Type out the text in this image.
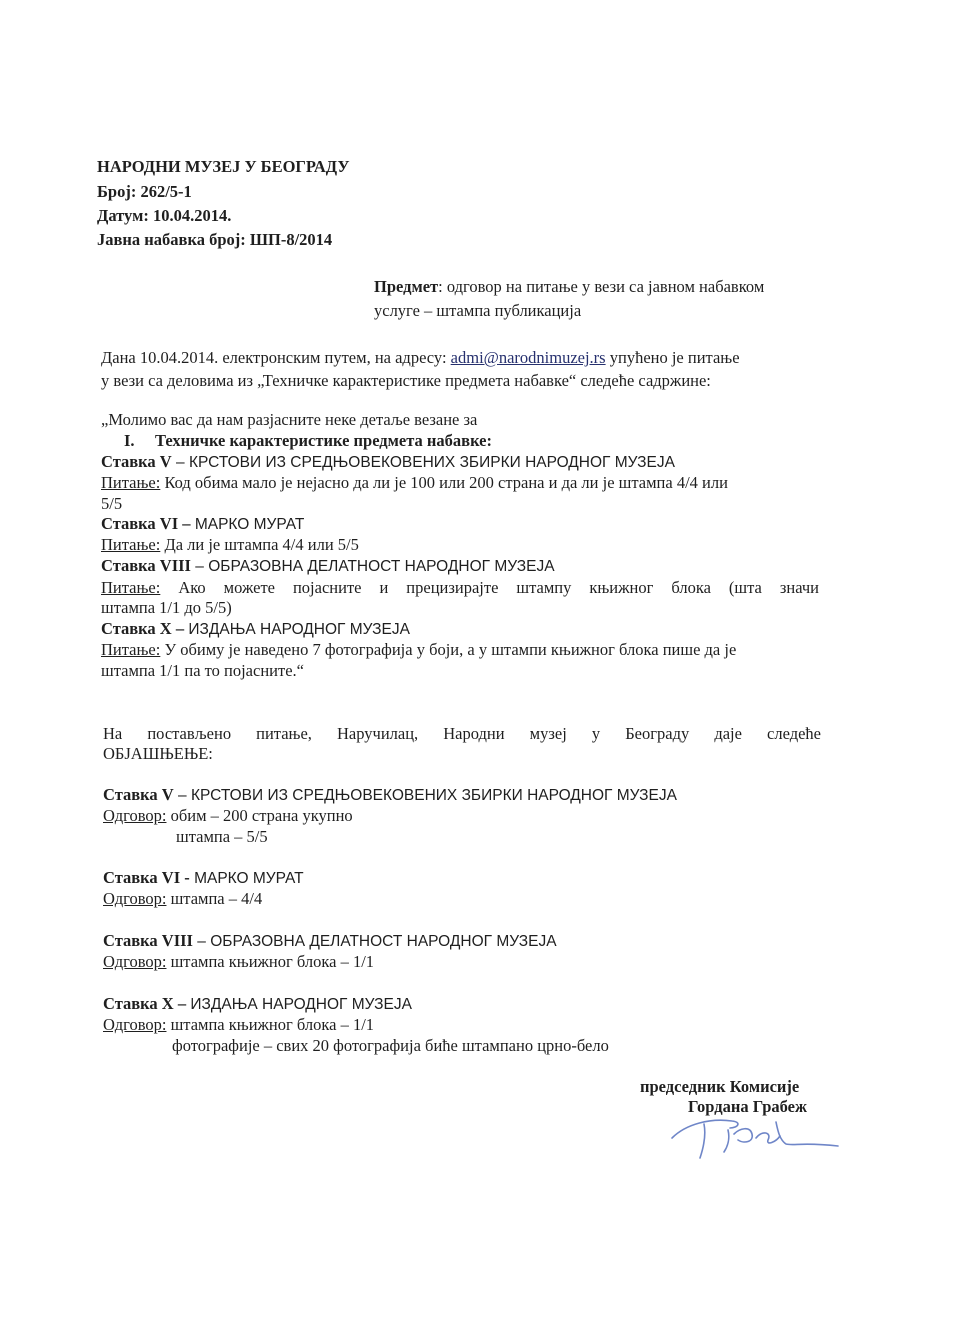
НАРОДНИ МУЗЕЈ У БЕОГРАДУ
Број: 262/5-1
Датум: 10.04.2014.
Јавна набавка број: ШП-8/2014
Предмет: одговор на питање у вези са јавном набавком
услуге – штампа публикација
Дана 10.04.2014. електронским путем, на адресу: admi@narodnimuzej.rs упућено је питање
у вези са деловима из „Техничке карактеристике предмета набавке“ следеће садржине:
„Молимо вас да нам разјасните неке детаље везане за
I. Техничке карактеристике предмета набавке:
Ставка V – КРСТОВИ ИЗ СРЕДЊОВЕКОВЕНИХ ЗБИРКИ НАРОДНОГ МУЗЕЈА
Питање: Код обима мало је нејасно да ли је 100 или 200 страна и да ли је штампа 4/4 или
5/5
Ставка VI – МАРКО МУРАТ
Питање: Да ли је штампа 4/4 или 5/5
Ставка VIII – ОБРАЗОВНА ДЕЛАТНОСТ НАРОДНОГ МУЗЕЈА
Питање: Ако можете појасните и прецизирајте штампу књижног блока (шта значи
штампа 1/1 до 5/5)
Ставка X – ИЗДАЊА НАРОДНОГ МУЗЕЈА
Питање: У обиму је наведено 7 фотографија у боји, а у штампи књижног блока пише да је
штампа 1/1 па то појасните.“
На постављено питање, Наручилац, Народни музеј у Београду даје следеће
ОБЈАШЊЕЊЕ:
Ставка V – КРСТОВИ ИЗ СРЕДЊОВЕКОВЕНИХ ЗБИРКИ НАРОДНОГ МУЗЕЈА
Одговор: обим – 200 страна укупно
штампа – 5/5
Ставка VI - МАРКО МУРАТ
Одговор: штампа – 4/4
Ставка VIII – ОБРАЗОВНА ДЕЛАТНОСТ НАРОДНОГ МУЗЕЈА
Одговор: штампа књижног блока – 1/1
Ставка X – ИЗДАЊА НАРОДНОГ МУЗЕЈА
Одговор: штампа књижног блока – 1/1
фотографије – свих 20 фотографија биће штампано црно-бело
председник Комисије
Гордана Грабеж
